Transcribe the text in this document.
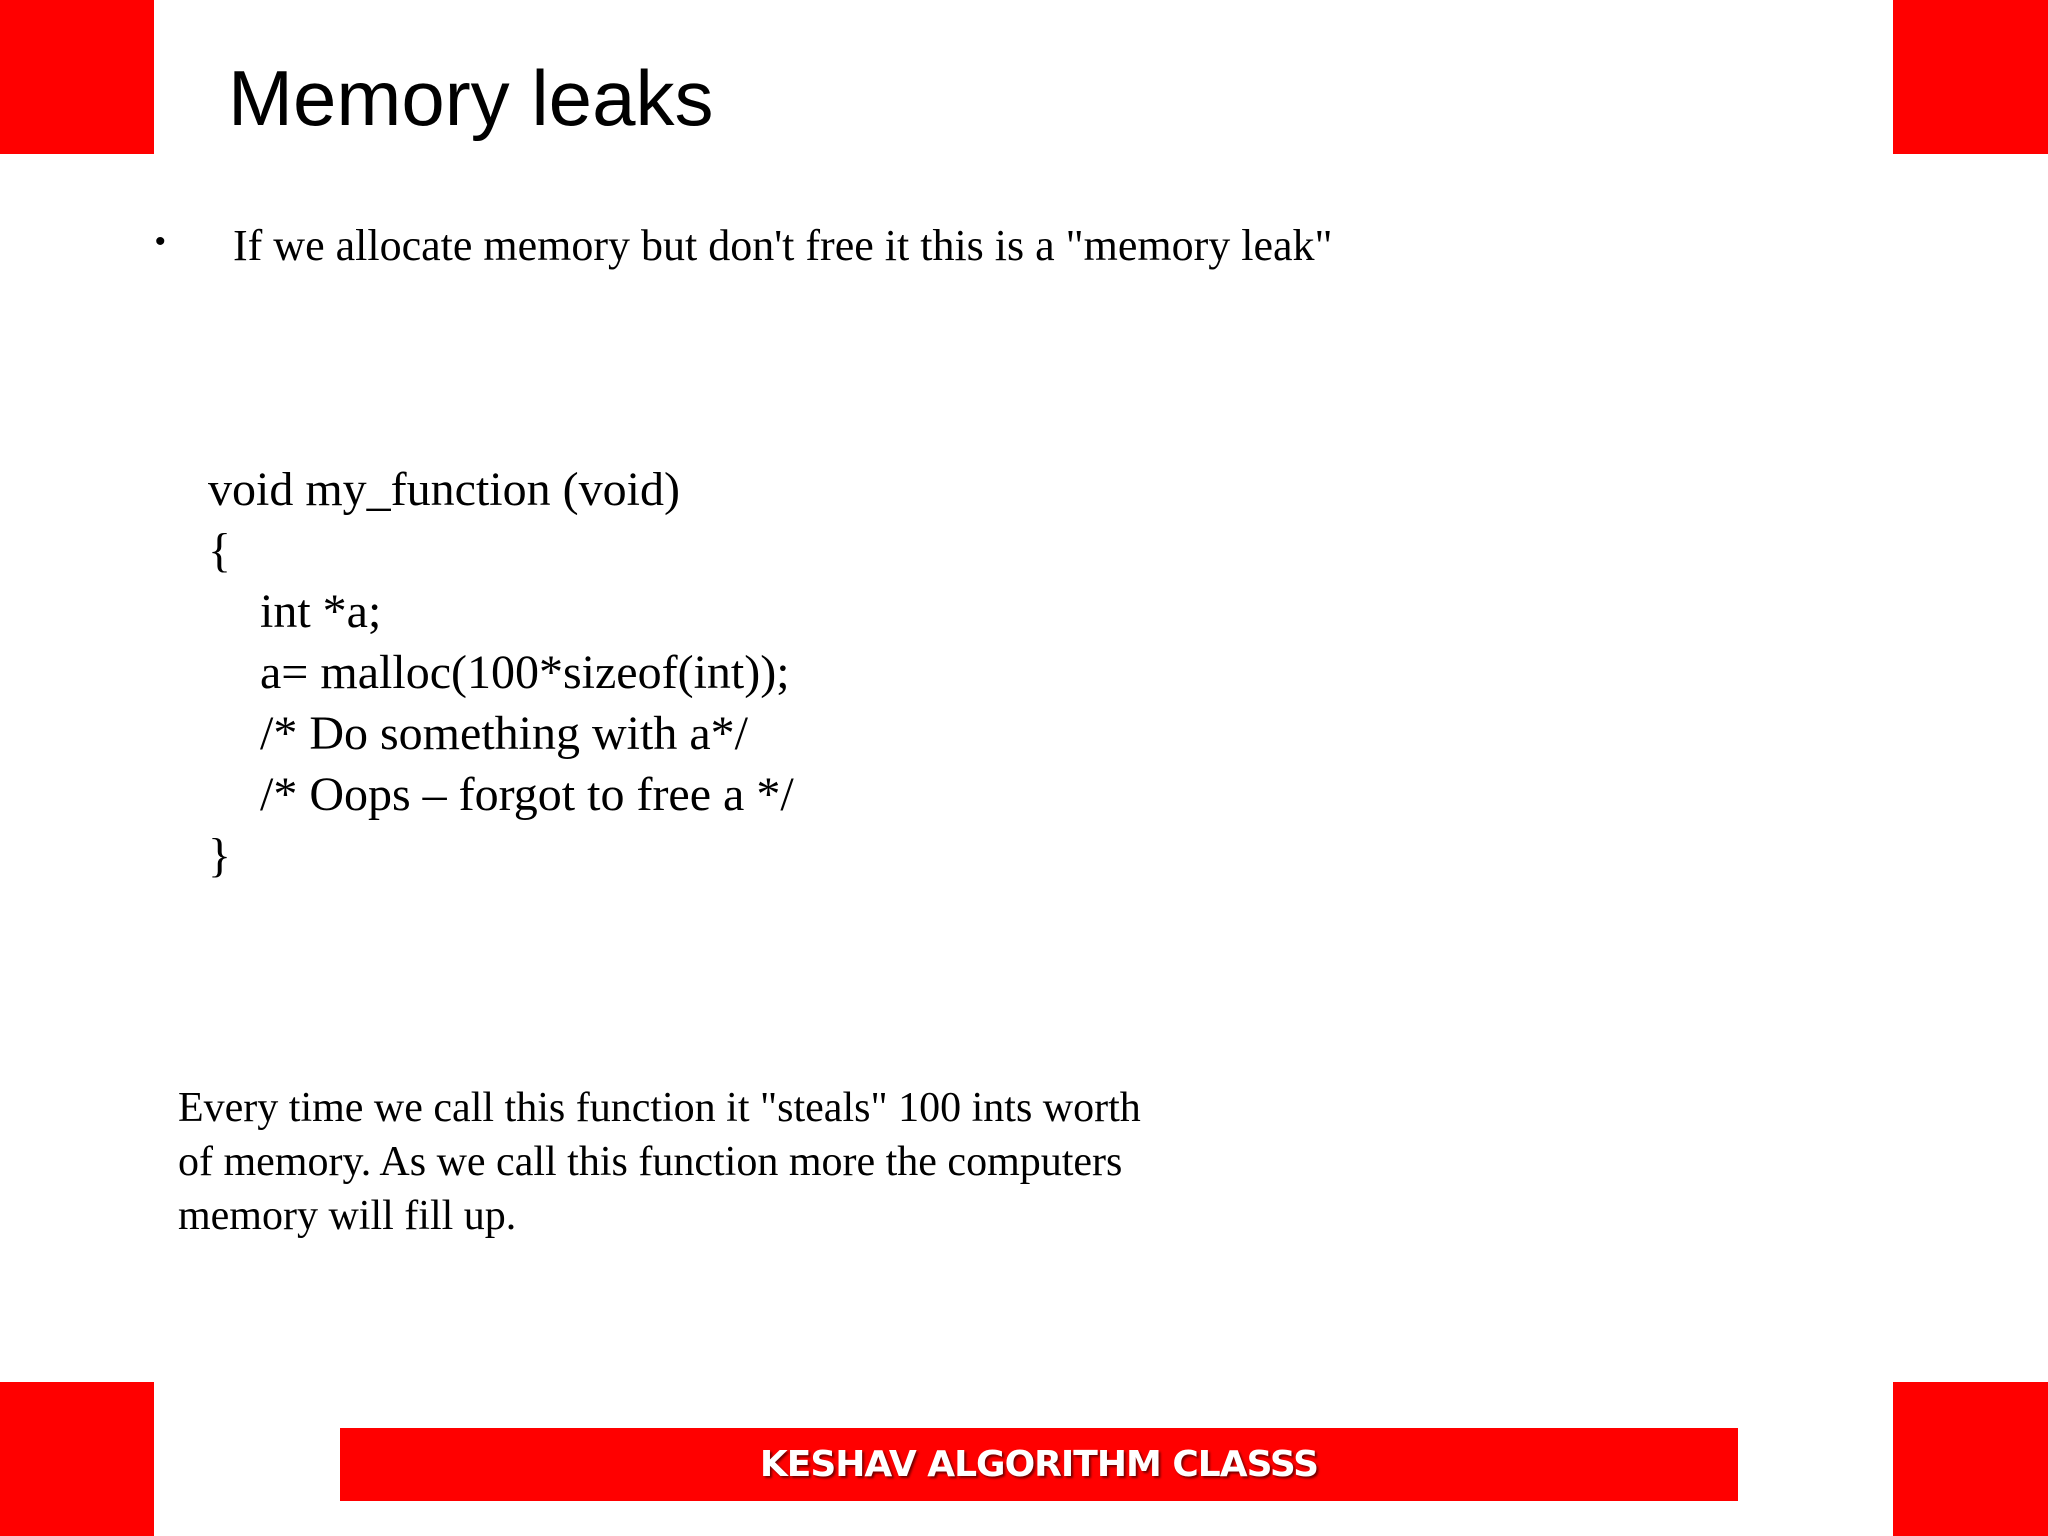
Memory leaks
• If we allocate memory but don't free it this is a "memory leak"
void my_function (void)
{
int *a;
a= malloc(100*sizeof(int));
/* Do something with a*/
/* Oops – forgot to free a */
}
Every time we call this function it "steals" 100 ints worth
of memory. As we call this function more the computers
memory will fill up.
KESHAV ALGORITHM CLASSS
